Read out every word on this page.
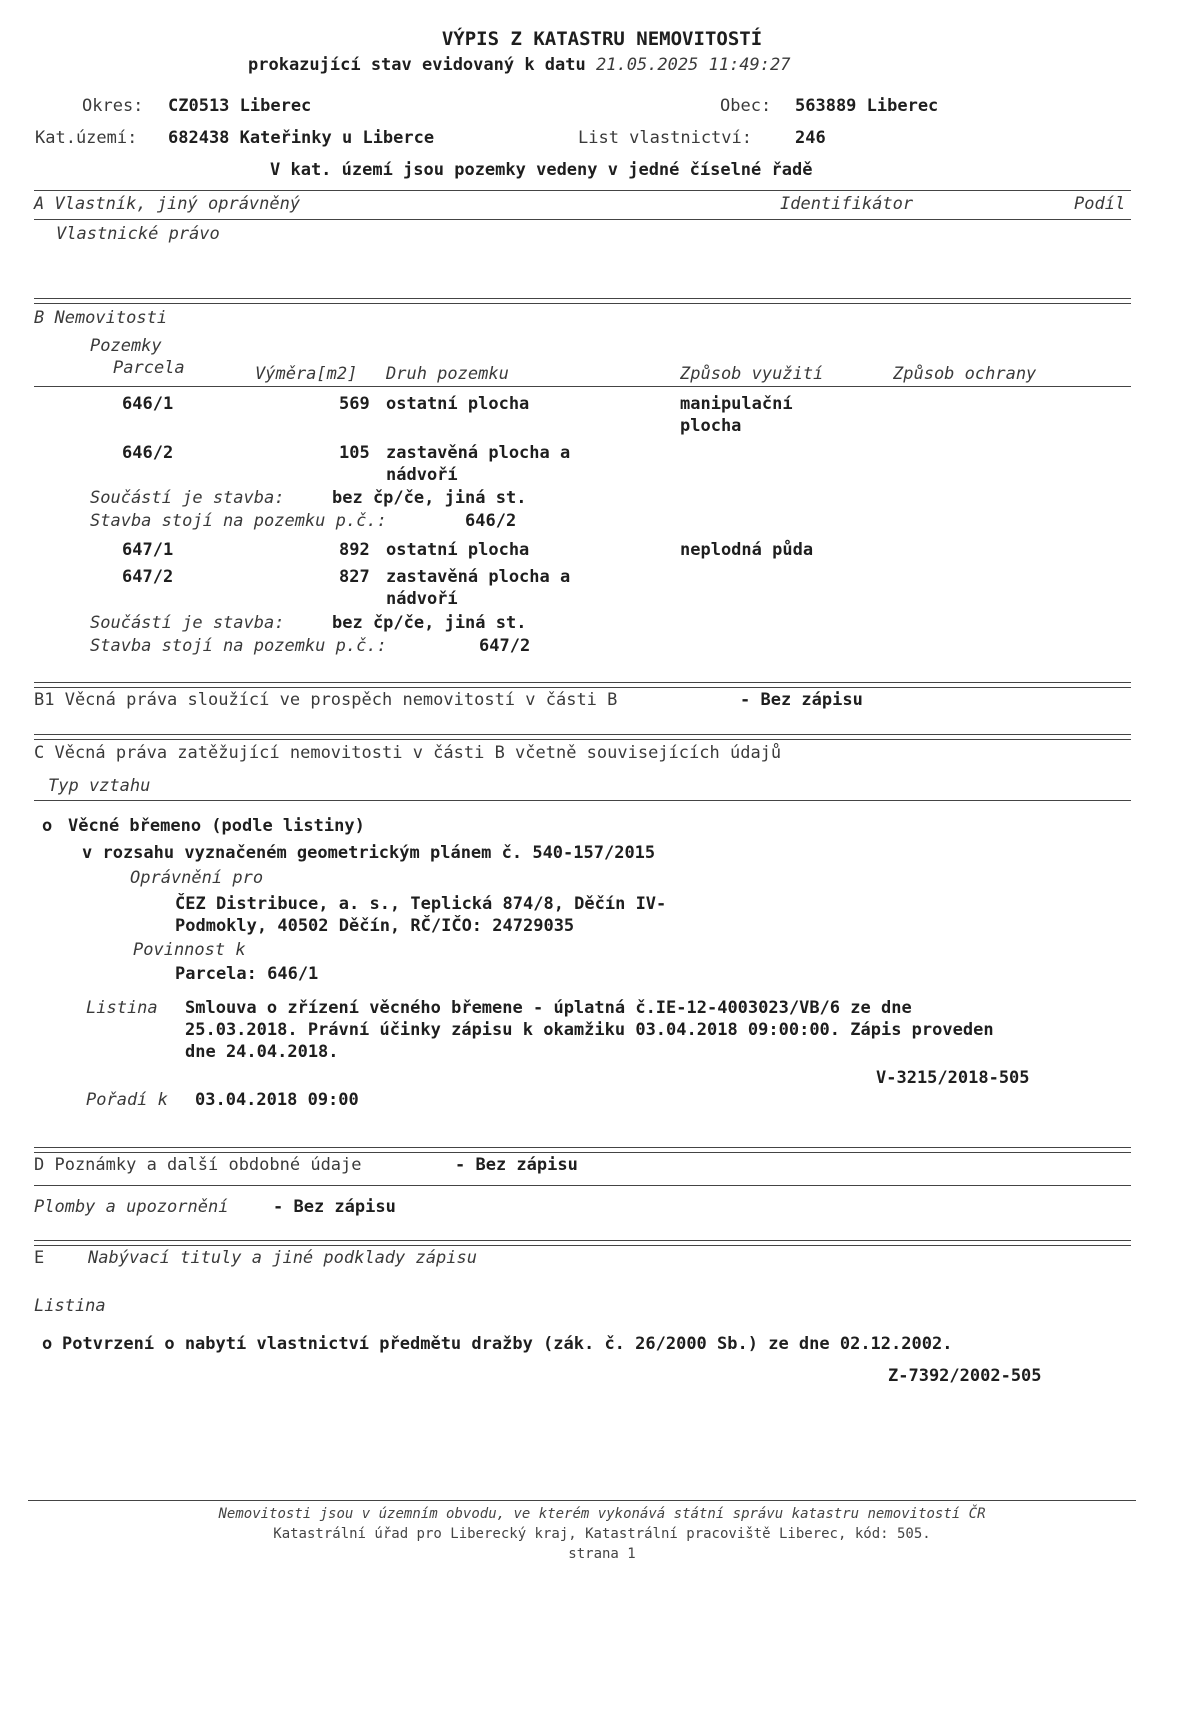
VÝPIS Z KATASTRU NEMOVITOSTÍ
prokazující stav evidovaný k datu 21.05.2025 11:49:27
Okres: CZ0513 Liberec	Obec: 563889 Liberec
Kat.území: 682438 Kateřinky u Liberce	List vlastnictví:	246
V kat. území jsou pozemky vedeny v jedné číselné řadě
A Vlastník, jiný oprávněný	Identifikátor	Podíl
Vlastnické právo
B Nemovitosti
Pozemky
Parcela	Výměra[m2] Druh pozemku	Způsob využití	Způsob ochrany
646/1	569 ostatní plocha	manipulační
plocha
646/2	105 zastavěná plocha a
nádvoří
Součástí je stavba:	bez čp/če, jiná st.
Stavba stojí na pozemku p.č.:	646/2
647/1	892 ostatní plocha	neplodná půda
647/2	827 zastavěná plocha a
nádvoří
Součástí je stavba:	bez čp/če, jiná st.
Stavba stojí na pozemku p.č.:	647/2
B1 Věcná práva sloužící ve prospěch nemovitostí v části B	- Bez zápisu
C Věcná práva zatěžující nemovitosti v části B včetně souvisejících údajů
Typ vztahu
o Věcné břemeno (podle listiny)
v rozsahu vyznačeném geometrickým plánem č. 540-157/2015
Oprávnění pro
ČEZ Distribuce, a. s., Teplická 874/8, Děčín IV-
Podmokly, 40502 Děčín, RČ/IČO: 24729035
Povinnost k
Parcela: 646/1
Listina Smlouva o zřízení věcného břemene - úplatná č.IE-12-4003023/VB/6 ze dne
25.03.2018. Právní účinky zápisu k okamžiku 03.04.2018 09:00:00. Zápis proveden
dne 24.04.2018.
V-3215/2018-505
Pořadí k 03.04.2018 09:00
D Poznámky a další obdobné údaje	- Bez zápisu
Plomby a upozornění	- Bez zápisu
E	Nabývací tituly a jiné podklady zápisu
Listina
o Potvrzení o nabytí vlastnictví předmětu dražby (zák. č. 26/2000 Sb.) ze dne 02.12.2002.
Z-7392/2002-505
Nemovitosti jsou v územním obvodu, ve kterém vykonává státní správu katastru nemovitostí ČR
Katastrální úřad pro Liberecký kraj, Katastrální pracoviště Liberec, kód: 505.
strana 1
